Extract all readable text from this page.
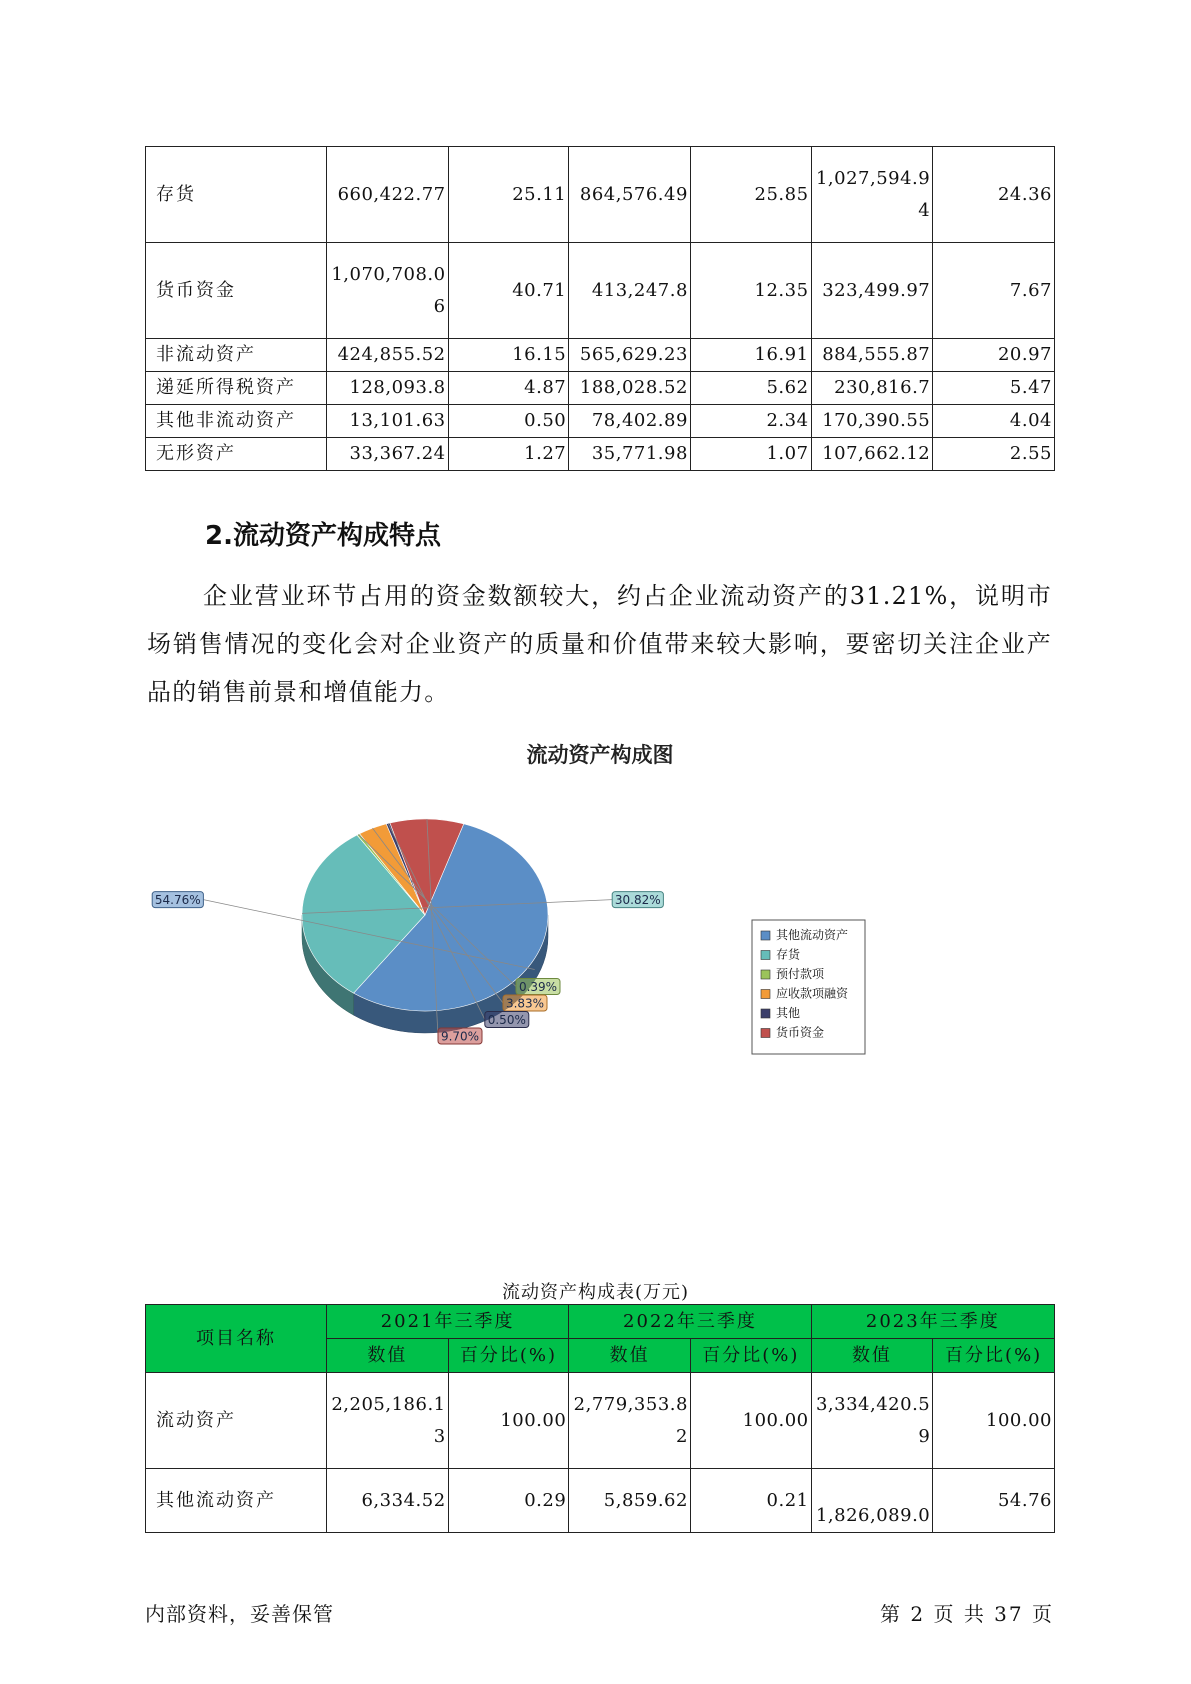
存货	660,422.77	25.11	864,576.49	25.85	1,027,594.94	24.36
货币资金	1,070,708.06	40.71	413,247.8	12.35	323,499.97	7.67
非流动资产	424,855.52	16.15	565,629.23	16.91	884,555.87	20.97
递延所得税资产	128,093.8	4.87	188,028.52	5.62	230,816.7	5.47
其他非流动资产	13,101.63	0.50	78,402.89	2.34	170,390.55	4.04
无形资产	33,367.24	1.27	35,771.98	1.07	107,662.12	2.55
2.流动资产构成特点

企业营业环节占用的资金数额较大，约占企业流动资产的31.21%，说明市场销售情况的变化会对企业资产的质量和价值带来较大影响，要密切关注企业产品的销售前景和增值能力。

流动资产构成图
54.76%	30.82%
0.39%
3.83%
0.50%
9.70%
其他流动资产
存货
预付款项
应收款项融资
其他
货币资金
流动资产构成表(万元)
项目名称	2021年三季度		2022年三季度		2023年三季度	
	数值	百分比(%)	数值	百分比(%)	数值	百分比(%)
流动资产	2,205,186.13	100.00	2,779,353.82	100.00	3,334,420.59	100.00
其他流动资产	6,334.52	0.29	5,859.62	0.21	1,826,089.0	54.76
内部资料，妥善保管	第 2 页 共 37 页
